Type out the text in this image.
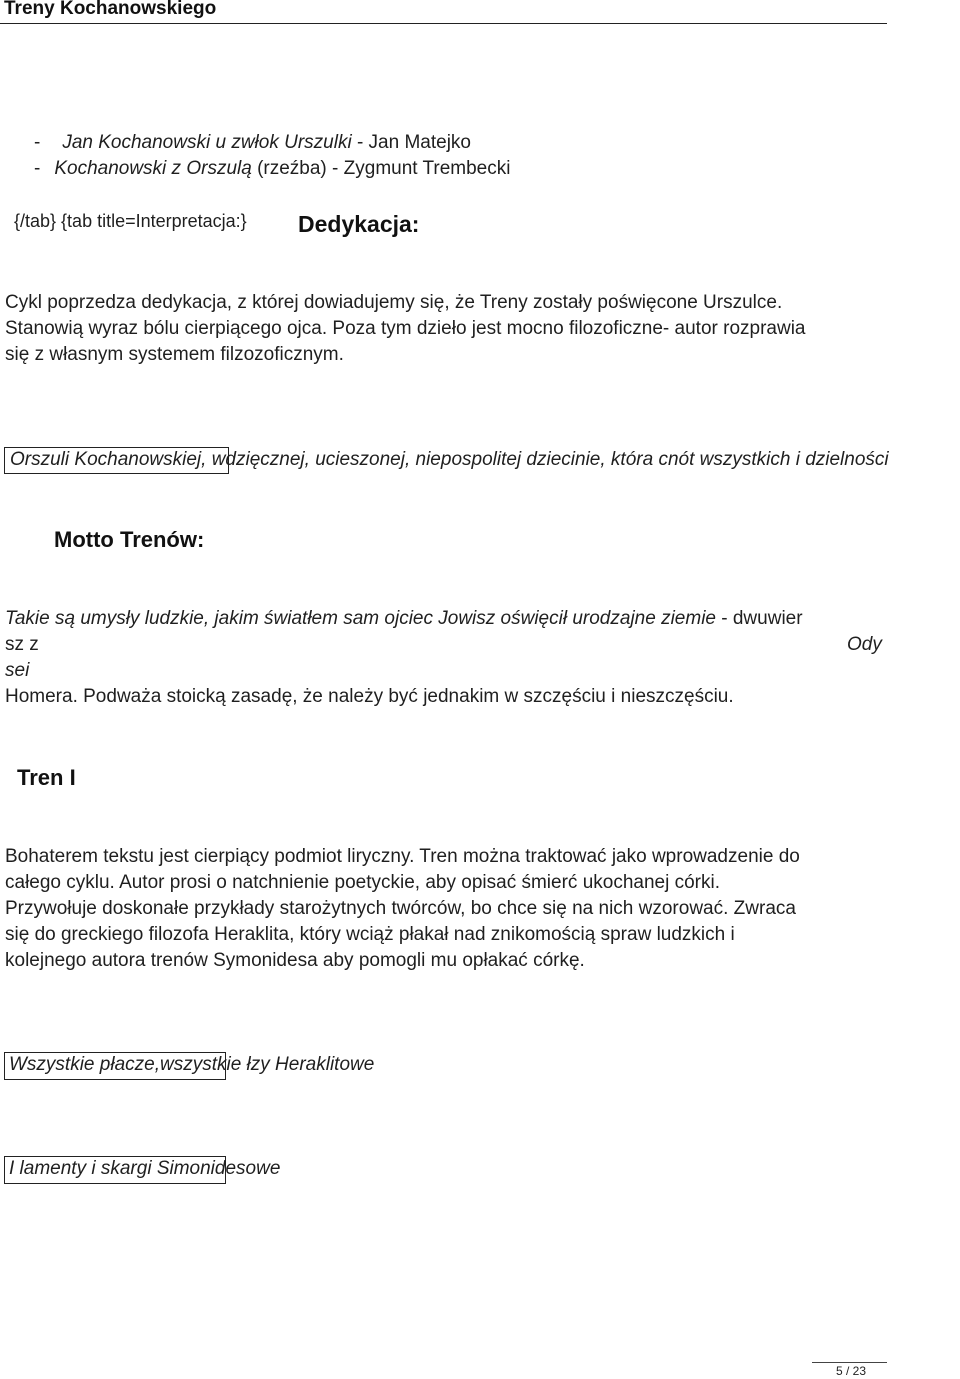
Treny Kochanowskiego
- Jan Kochanowski u zwłok Urszulki - Jan Matejko
- Kochanowski z Orszulą (rzeźba) - Zygmunt Trembecki
{/tab} {tab title=Interpretacja:} Dedykacja:
Cykl poprzedza dedykacja, z której dowiadujemy się, że Treny zostały poświęcone Urszulce.
Stanowią wyraz bólu cierpiącego ojca. Poza tym dzieło jest mocno filozoficzne- autor rozprawia
się z własnym systemem filzozoficznym.
Orszuli Kochanowskiej, wdzięcznej, ucieszonej, niepospolitej dziecinie, która cnót wszystkich i dzielności
Motto Trenów:
Takie są umysły ludzkie, jakim światłem sam ojciec Jowisz oświęcił urodzajne ziemie - dwuwier
sz z	Ody
sei
Homera. Podważa stoicką zasadę, że należy być jednakim w szczęściu i nieszczęściu.
Tren I
Bohaterem tekstu jest cierpiący podmiot liryczny. Tren można traktować jako wprowadzenie do
całego cyklu. Autor prosi o natchnienie poetyckie, aby opisać śmierć ukochanej córki.
Przywołuje doskonałe przykłady starożytnych twórców, bo chce się na nich wzorować. Zwraca
się do greckiego filozofa Heraklita, który wciąż płakał nad znikomością spraw ludzkich i
kolejnego autora trenów Symonidesa aby pomogli mu opłakać córkę.
Wszystkie płacze,wszystkie łzy Heraklitowe
I lamenty i skargi Simonidesowe
5 / 23
